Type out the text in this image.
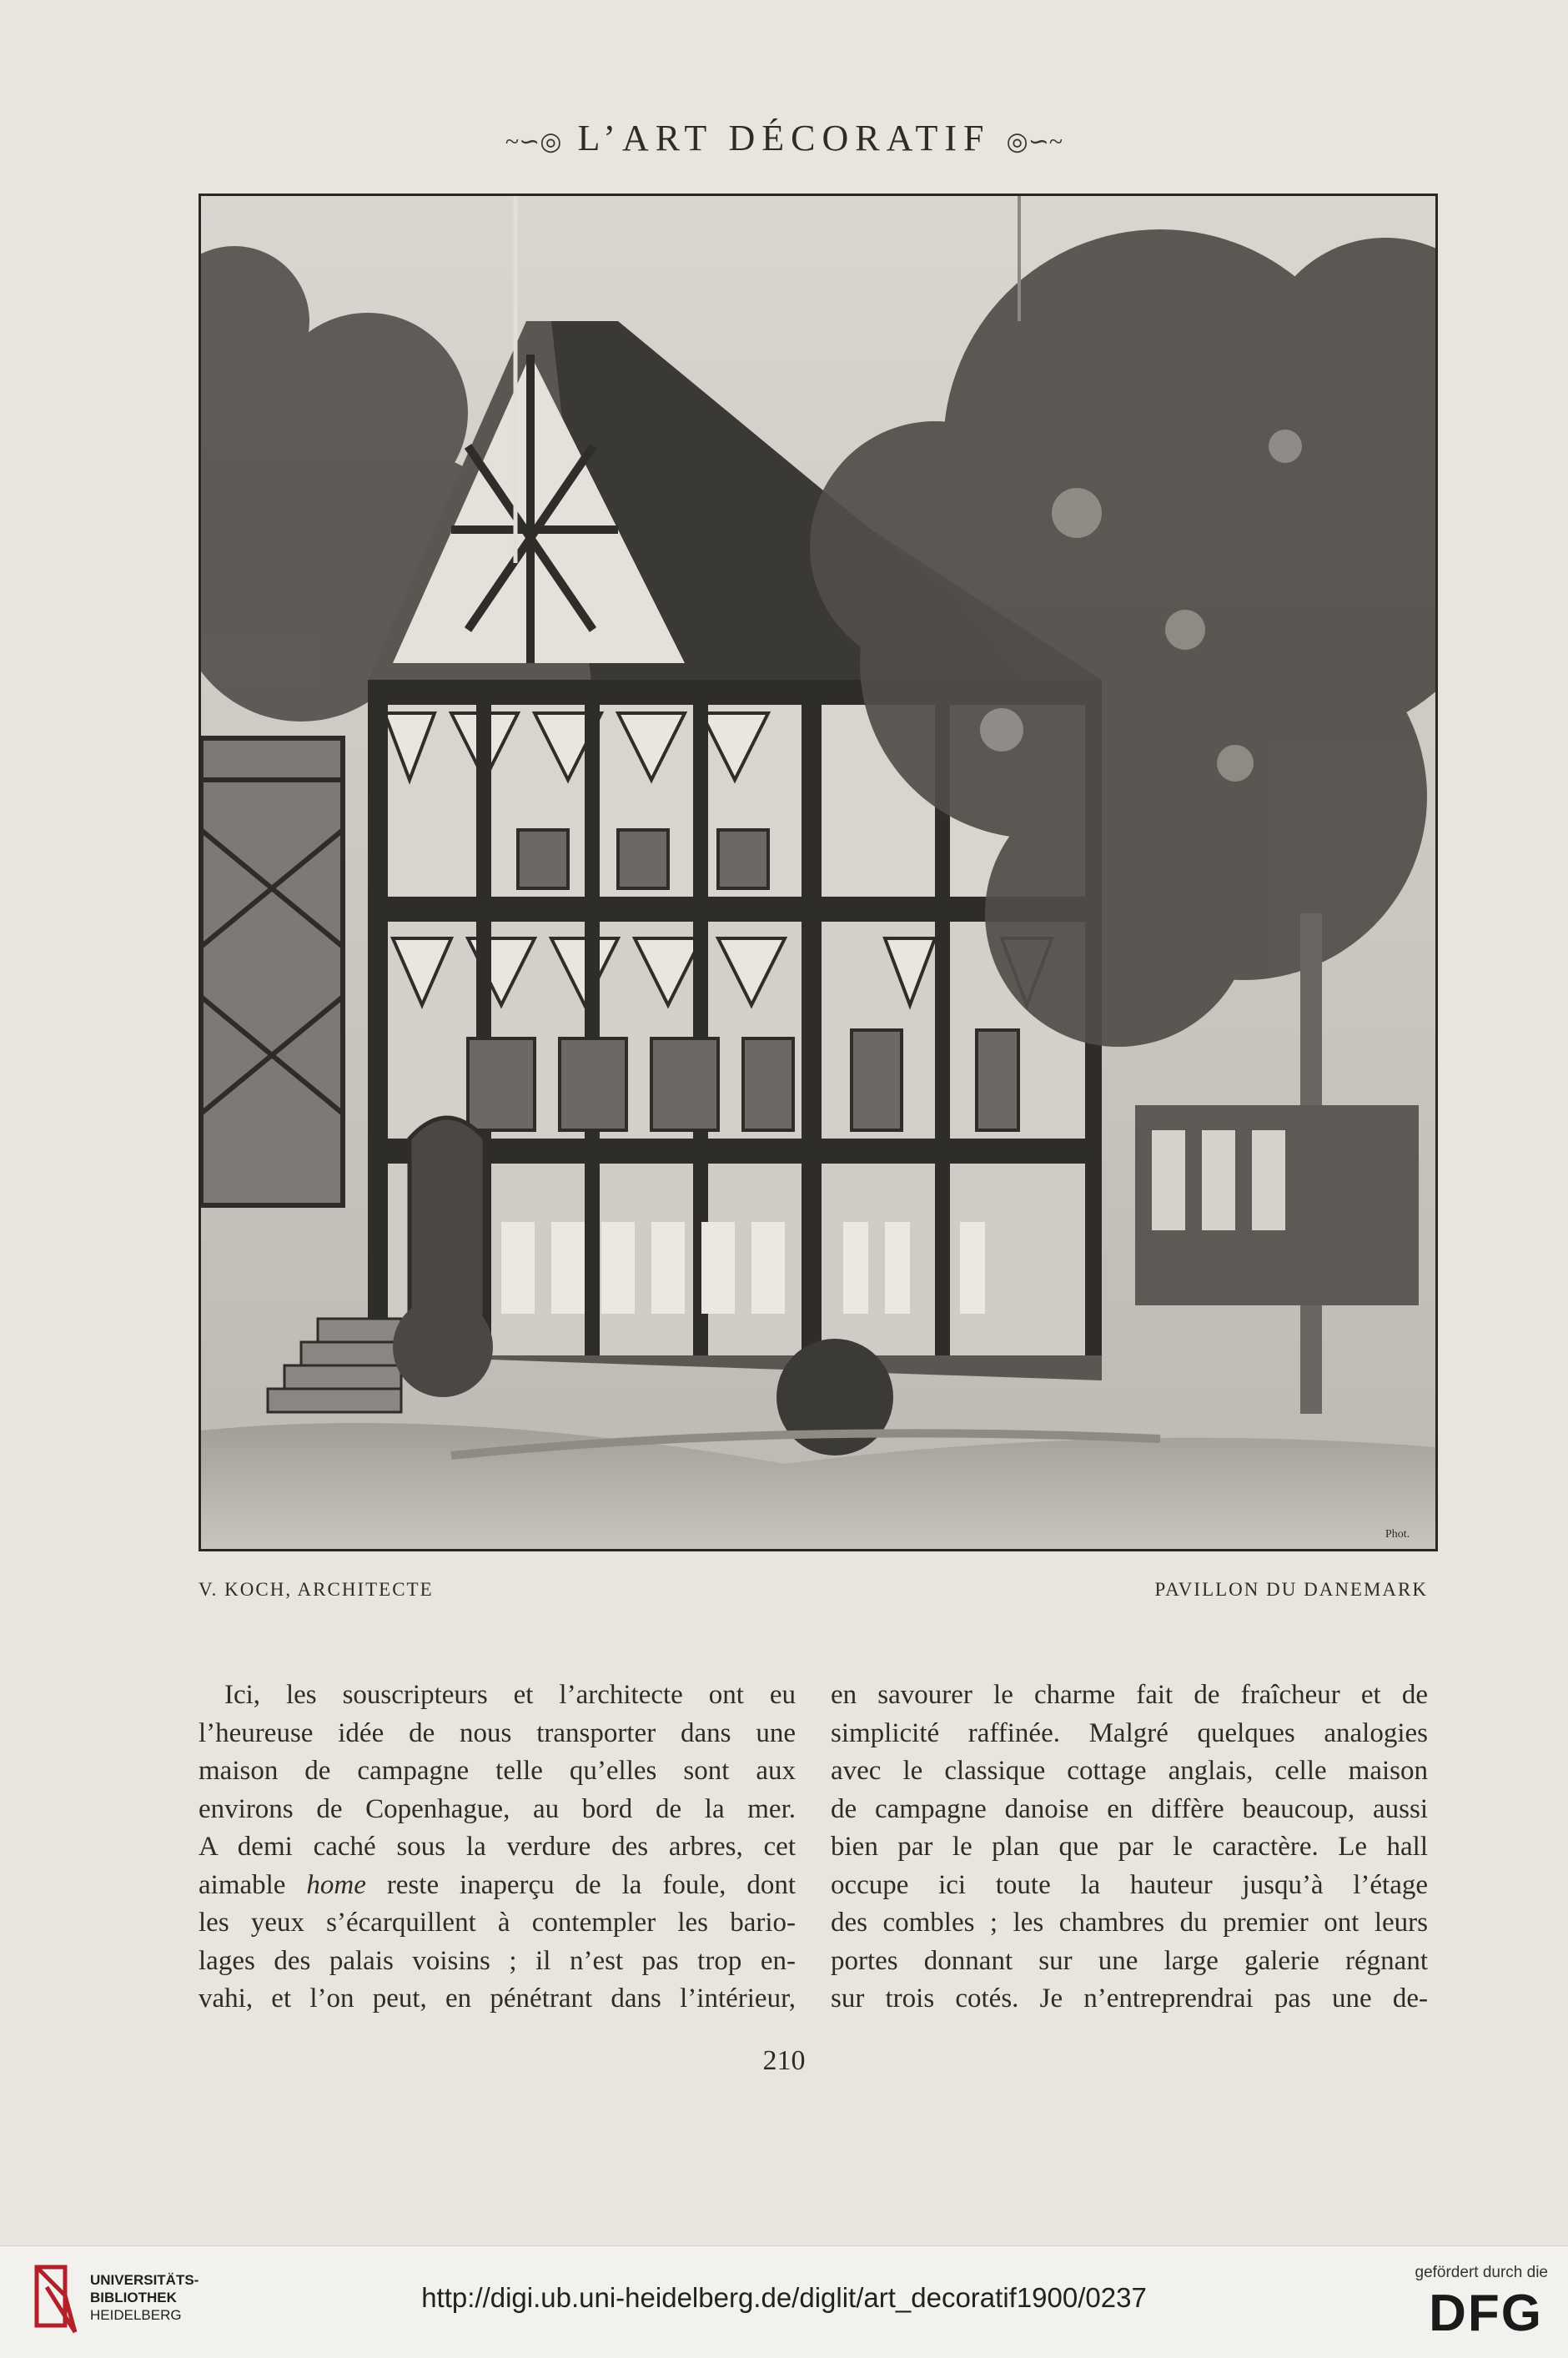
~∽◎ L’ART DÉCORATIF ◎∽~
Phot.
V. KOCH, ARCHITECTE	PAVILLON DU DANEMARK

Ici, les souscripteurs et l’architecte ont eu
l’heureuse idée de nous transporter dans une
maison de campagne telle qu’elles sont aux
environs de Copenhague, au bord de la mer.
A demi caché sous la verdure des arbres, cet
aimable home reste inaperçu de la foule, dont
les yeux s’écarquillent à contempler les bario-
lages des palais voisins ; il n’est pas trop en-
vahi, et l’on peut, en pénétrant dans l’intérieur,

en savourer le charme fait de fraîcheur et de
simplicité raffinée. Malgré quelques analogies
avec le classique cottage anglais, celle maison
de campagne danoise en diffère beaucoup, aussi
bien par le plan que par le caractère. Le hall
occupe ici toute la hauteur jusqu’à l’étage
des combles ; les chambres du premier ont leurs
portes donnant sur une large galerie régnant
sur trois cotés. Je n’entreprendrai pas une de-

210
UNIVERSITÄTS-
BIBLIOTHEK
HEIDELBERG
http://digi.ub.uni-heidelberg.de/diglit/art_decoratif1900/0237
gefördert durch die
DFG
